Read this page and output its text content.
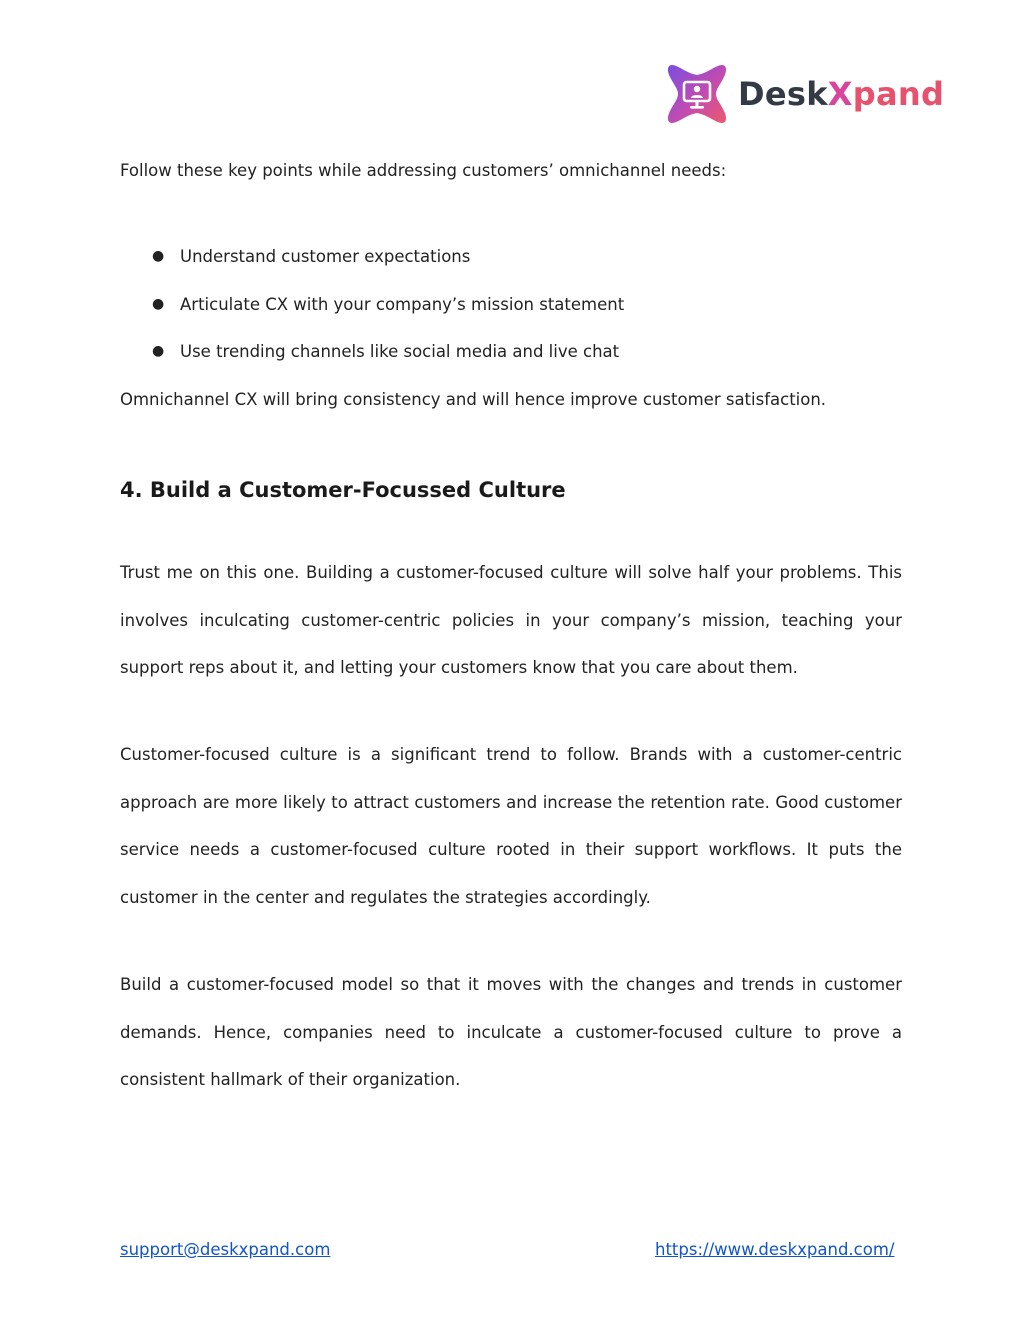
DeskXpand

Follow these key points while addressing customers’ omnichannel needs:

● Understand customer expectations
● Articulate CX with your company’s mission statement
● Use trending channels like social media and live chat

Omnichannel CX will bring consistency and will hence improve customer satisfaction.

4. Build a Customer-Focussed Culture

Trust me on this one. Building a customer-focused culture will solve half your problems. This involves inculcating customer-centric policies in your company’s mission, teaching your support reps about it, and letting your customers know that you care about them.

Customer-focused culture is a significant trend to follow. Brands with a customer-centric approach are more likely to attract customers and increase the retention rate. Good customer service needs a customer-focused culture rooted in their support workflows. It puts the customer in the center and regulates the strategies accordingly.

Build a customer-focused model so that it moves with the changes and trends in customer demands. Hence, companies need to inculcate a customer-focused culture to prove a consistent hallmark of their organization.

support@deskxpand.com	https://www.deskxpand.com/
